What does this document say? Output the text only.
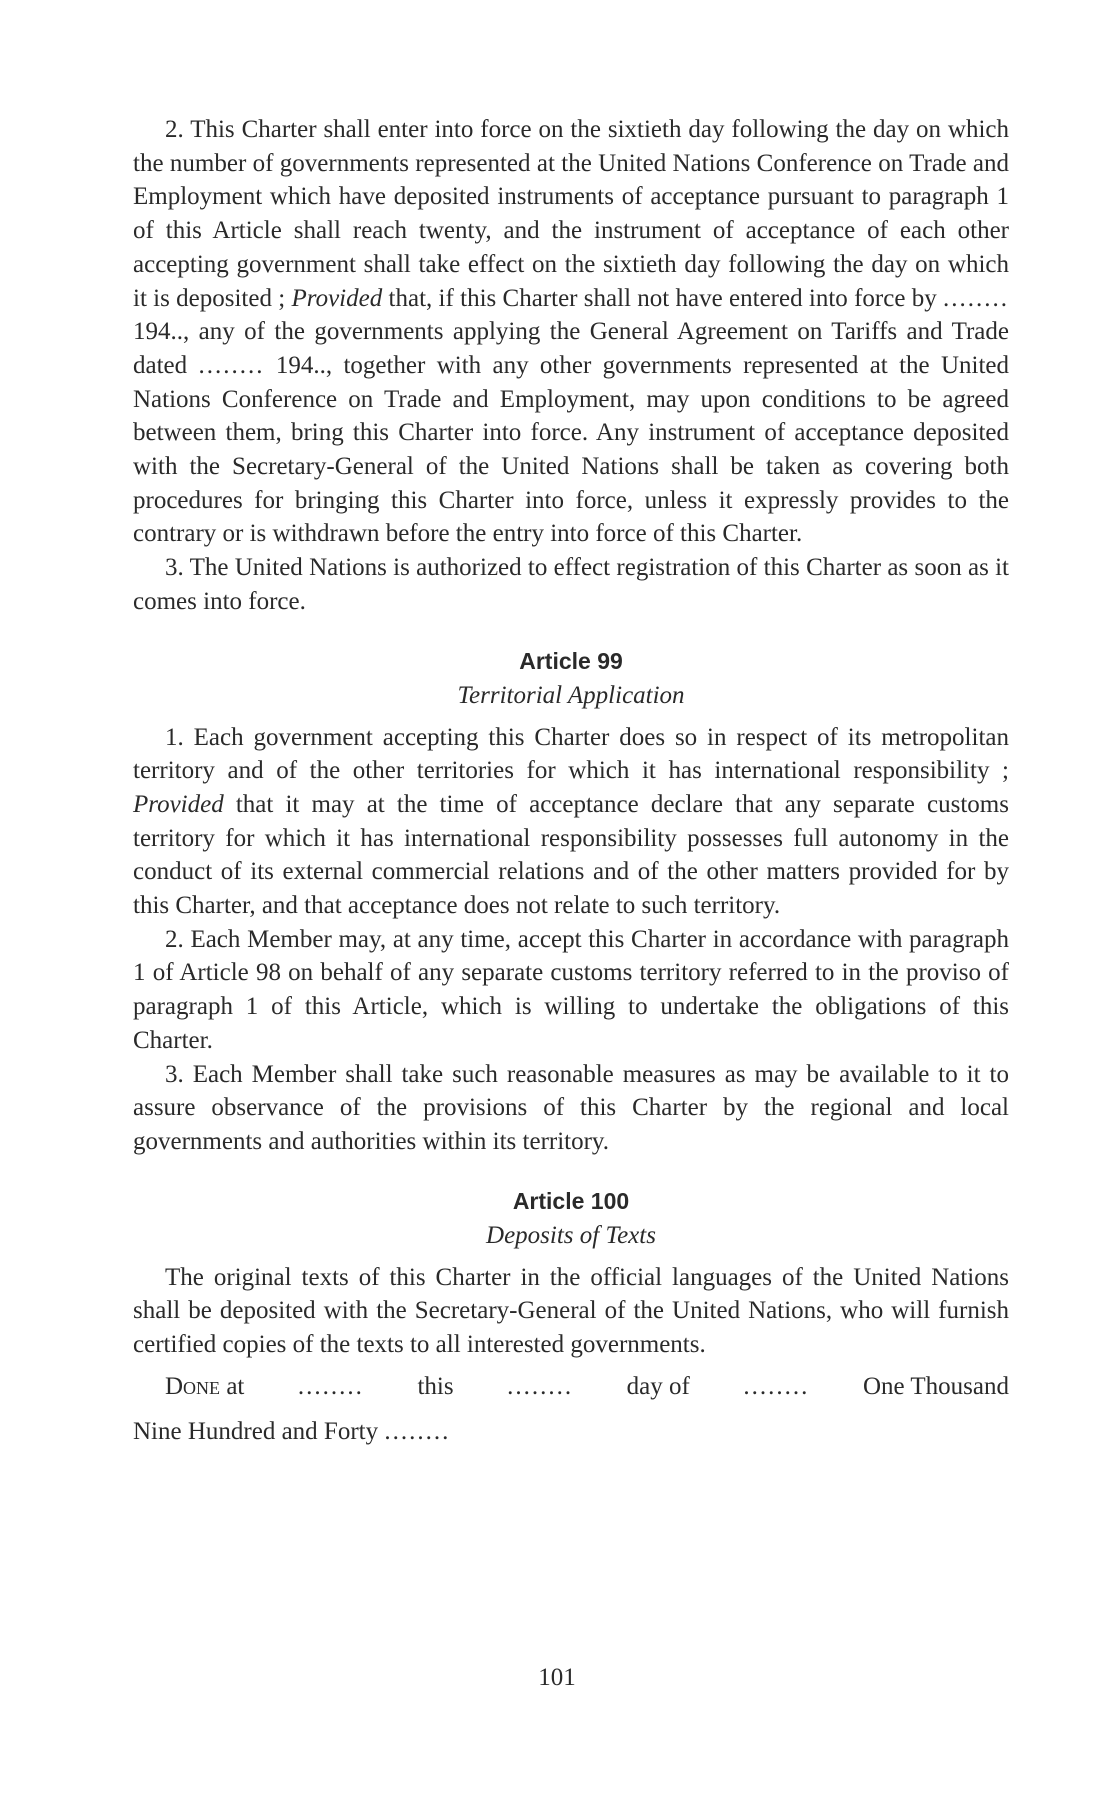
2. This Charter shall enter into force on the sixtieth day following the day on which the number of governments represented at the United Nations Conference on Trade and Employment which have deposited instruments of acceptance pursuant to paragraph 1 of this Article shall reach twenty, and the instrument of acceptance of each other accepting government shall take effect on the sixtieth day following the day on which it is deposited ; Provided that, if this Charter shall not have entered into force by ........ 194.., any of the governments applying the General Agreement on Tariffs and Trade dated ........ 194.., together with any other governments represented at the United Nations Conference on Trade and Employment, may upon conditions to be agreed between them, bring this Charter into force. Any instrument of acceptance deposited with the Secretary-General of the United Nations shall be taken as covering both procedures for bringing this Charter into force, unless it expressly provides to the contrary or is withdrawn before the entry into force of this Charter.

3. The United Nations is authorized to effect registration of this Charter as soon as it comes into force.

Article 99

Territorial Application

1. Each government accepting this Charter does so in respect of its metropolitan territory and of the other territories for which it has international responsibility ; Provided that it may at the time of acceptance declare that any separate customs territory for which it has international responsibility possesses full autonomy in the conduct of its external commercial relations and of the other matters provided for by this Charter, and that acceptance does not relate to such territory.

2. Each Member may, at any time, accept this Charter in accordance with paragraph 1 of Article 98 on behalf of any separate customs territory referred to in the proviso of paragraph 1 of this Article, which is willing to undertake the obligations of this Charter.

3. Each Member shall take such reasonable measures as may be available to it to assure observance of the provisions of this Charter by the regional and local governments and authorities within its territory.

Article 100

Deposits of Texts

The original texts of this Charter in the official languages of the United Nations shall be deposited with the Secretary-General of the United Nations, who will furnish certified copies of the texts to all interested governments.

Done at	........	this	........	day of	........	One Thousand

Nine Hundred and Forty ........

101
